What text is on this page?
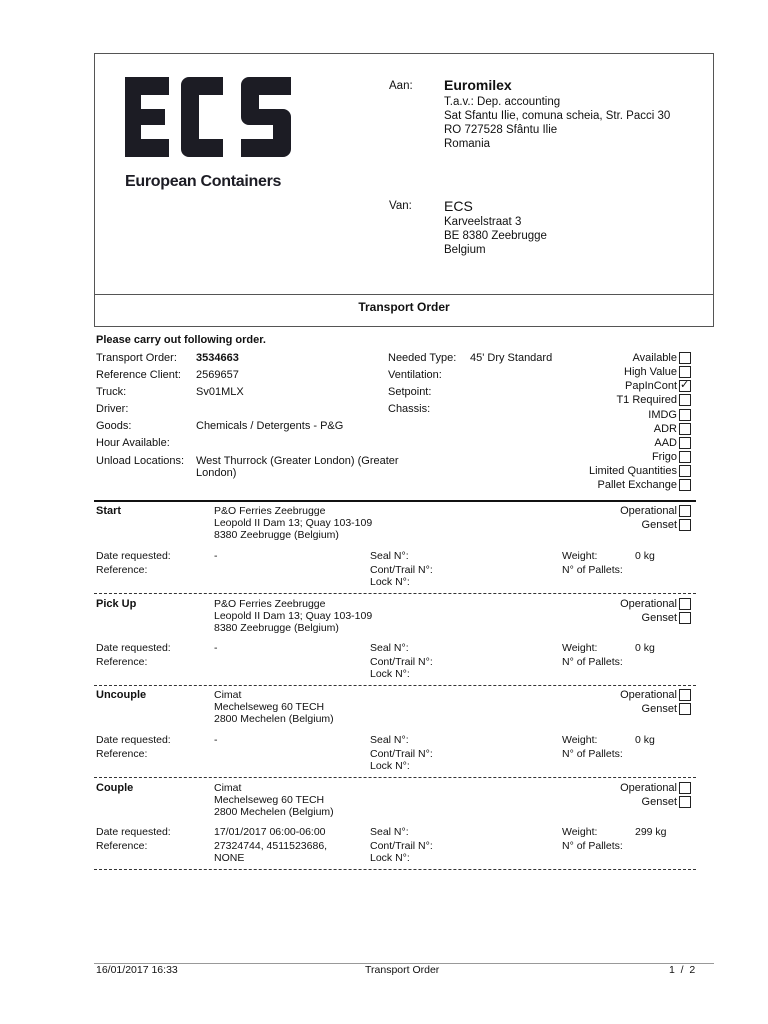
European Containers
Aan: Euromilex
T.a.v.: Dep. accounting
Sat Sfantu Ilie, comuna scheia, Str. Pacci 30
RO 727528 Sfântu Ilie
Romania
Van: ECS
Karveelstraat 3
BE 8380 Zeebrugge
Belgium
Transport Order
Please carry out following order.
Transport Order: 3534663
Reference Client: 2569657
Truck:	Sv01MLX
Driver:
Goods:	Chemicals / Detergents - P&G
Hour Available:
Unload Locations: West Thurrock (Greater London) (Greater
London)
Needed Type: 45' Dry Standard
Ventilation:
Setpoint:
Chassis:
Available
High Value
PapInCont
✓
T1 Required
IMDG
ADR
AAD
Frigo
Limited Quantities
Pallet Exchange
Start	P&O Ferries Zeebrugge
Leopold II Dam 13; Quay 103-109
8380 Zeebrugge (Belgium)
Operational
Genset
Date requested:	-
Reference:
Seal N°:
Cont/Trail N°:
Lock N°:
Weight:	0 kg
N° of Pallets:
Pick Up	P&O Ferries Zeebrugge
Leopold II Dam 13; Quay 103-109
8380 Zeebrugge (Belgium)
Operational
Genset
Date requested:	-
Reference:
Seal N°:
Cont/Trail N°:
Lock N°:
Weight:	0 kg
N° of Pallets:
Uncouple	Cimat
Mechelseweg 60 TECH
2800 Mechelen (Belgium)
Operational
Genset
Date requested:	-
Reference:
Seal N°:
Cont/Trail N°:
Lock N°:
Weight:	0 kg
N° of Pallets:
Couple	Cimat
Mechelseweg 60 TECH
2800 Mechelen (Belgium)
Operational
Genset
Date requested:	17/01/2017 06:00-06:00
Reference:	27324744, 4511523686,
NONE
Seal N°:
Cont/Trail N°:
Lock N°:
Weight:	299 kg
N° of Pallets:
16/01/2017 16:33	Transport Order	1  /  2
